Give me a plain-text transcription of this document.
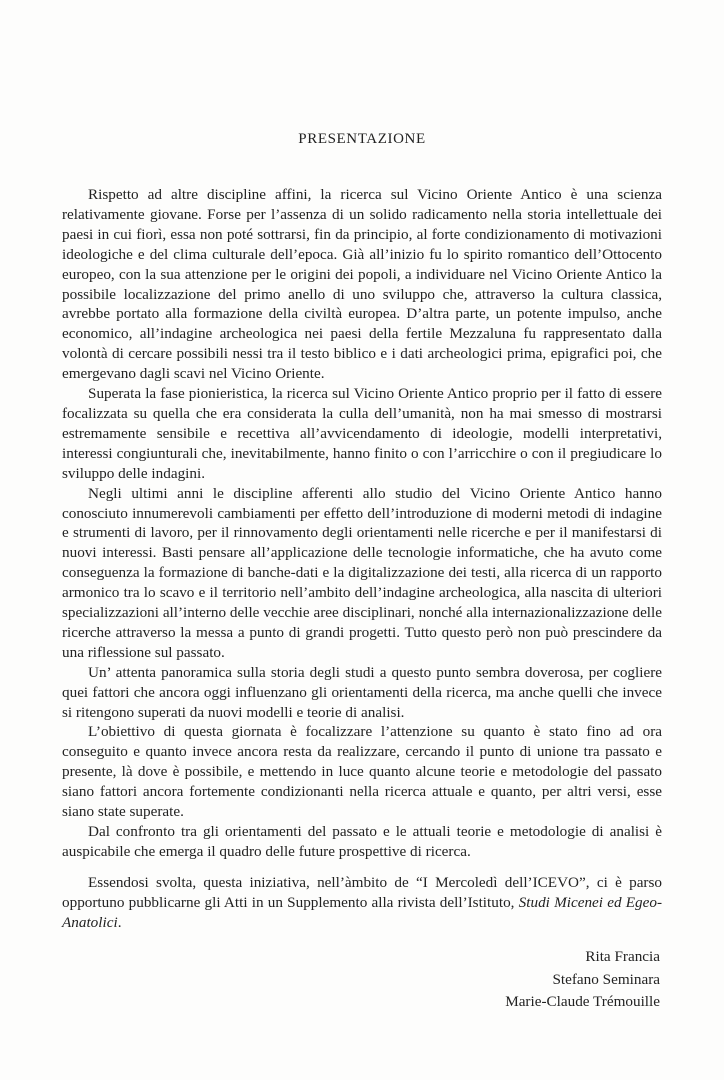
PRESENTAZIONE

Rispetto ad altre discipline affini, la ricerca sul Vicino Oriente Antico è una scienza relativamente giovane. Forse per l’assenza di un solido radicamento nella storia intellettuale dei paesi in cui fiorì, essa non poté sottrarsi, fin da principio, al forte condizionamento di motivazioni ideologiche e del clima culturale dell’epoca. Già all’inizio fu lo spirito romantico dell’Ottocento europeo, con la sua attenzione per le origini dei popoli, a individuare nel Vicino Oriente Antico la possibile localizzazione del primo anello di uno sviluppo che, attraverso la cultura classica, avrebbe portato alla formazione della civiltà europea. D’altra parte, un potente impulso, anche economico, all’indagine archeologica nei paesi della fertile Mezzaluna fu rappresentato dalla volontà di cercare possibili nessi tra il testo biblico e i dati archeologici prima, epigrafici poi, che emergevano dagli scavi nel Vicino Oriente.

Superata la fase pionieristica, la ricerca sul Vicino Oriente Antico proprio per il fatto di essere focalizzata su quella che era considerata la culla dell’umanità, non ha mai smesso di mostrarsi estremamente sensibile e recettiva all’avvicendamento di ideologie, modelli interpretativi, interessi congiunturali che, inevitabilmente, hanno finito o con l’arricchire o con il pregiudicare lo sviluppo delle indagini.

Negli ultimi anni le discipline afferenti allo studio del Vicino Oriente Antico hanno conosciuto innumerevoli cambiamenti per effetto dell’introduzione di moderni metodi di indagine e strumenti di lavoro, per il rinnovamento degli orientamenti nelle ricerche e per il manifestarsi di nuovi interessi. Basti pensare all’applicazione delle tecnologie informatiche, che ha avuto come conseguenza la formazione di banche-dati e la digitalizzazione dei testi, alla ricerca di un rapporto armonico tra lo scavo e il territorio nell’ambito dell’indagine archeologica, alla nascita di ulteriori specializzazioni all’interno delle vecchie aree disciplinari, nonché alla internazionalizzazione delle ricerche attraverso la messa a punto di grandi progetti. Tutto questo però non può prescindere da una riflessione sul passato.

Un’ attenta panoramica sulla storia degli studi a questo punto sembra doverosa, per cogliere quei fattori che ancora oggi influenzano gli orientamenti della ricerca, ma anche quelli che invece si ritengono superati da nuovi modelli e teorie di analisi.

L’obiettivo di questa giornata è focalizzare l’attenzione su quanto è stato fino ad ora conseguito e quanto invece ancora resta da realizzare, cercando il punto di unione tra passato e presente, là dove è possibile, e mettendo in luce quanto alcune teorie e metodologie del passato siano fattori ancora fortemente condizionanti nella ricerca attuale e quanto, per altri versi, esse siano state superate.

Dal confronto tra gli orientamenti del passato e le attuali teorie e metodologie di analisi è auspicabile che emerga il quadro delle future prospettive di ricerca.

Essendosi svolta, questa iniziativa, nell’àmbito de “I Mercoledì dell’ICEVO”, ci è parso opportuno pubblicarne gli Atti in un Supplemento alla rivista dell’Istituto, Studi Micenei ed Egeo-Anatolici.

Rita Francia
Stefano Seminara
Marie-Claude Trémouille
